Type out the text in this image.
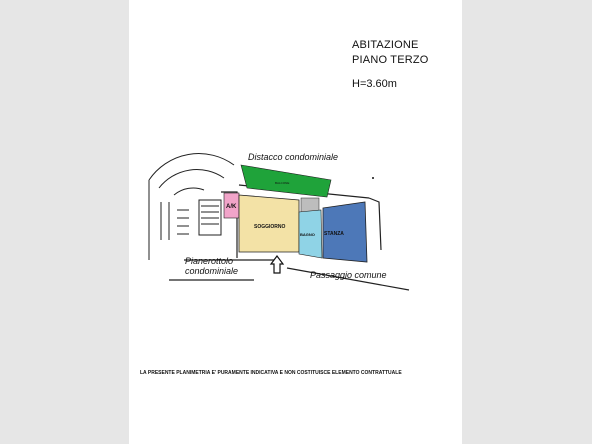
ABITAZIONE
PIANO TERZO
H=3.60m
BALCONE
Distacco condominiale
Pianerottolo
condominiale	Passaggio comune
A/K
SOGGIORNO
BAGNO STANZA
LA PRESENTE PLANIMETRIA E' PURAMENTE INDICATIVA E NON COSTITUISCE ELEMENTO CONTRATTUALE
